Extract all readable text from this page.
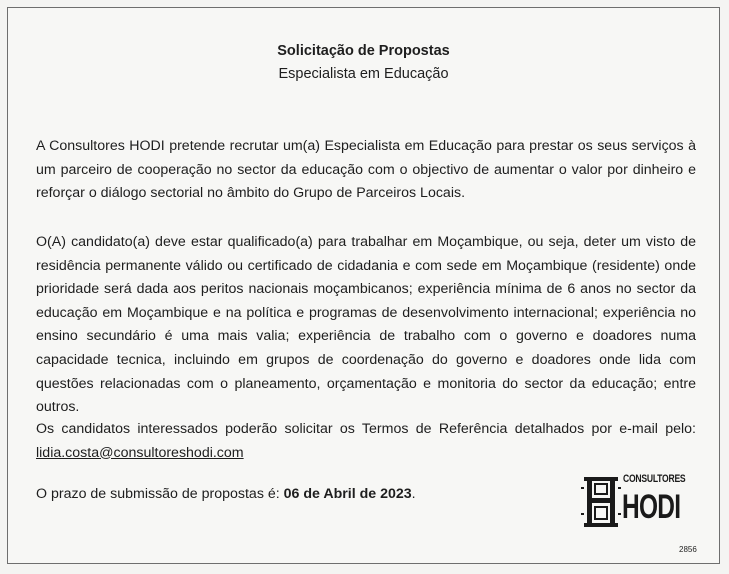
Solicitação de Propostas
Especialista em Educação

A Consultores HODI pretende recrutar um(a) Especialista em Educação para prestar os seus serviços à um parceiro de cooperação no sector da educação com o objectivo de aumentar o valor por dinheiro e reforçar o diálogo sectorial no âmbito do Grupo de Parceiros Locais.

O(A) candidato(a) deve estar qualificado(a) para trabalhar em Moçambique, ou seja, deter um visto de residência permanente válido ou certificado de cidadania e com sede em Moçambique (residente) onde prioridade será dada aos peritos nacionais moçambicanos; experiência mínima de 6 anos no sector da educação em Moçambique e na política e programas de desenvolvimento internacional; experiência no ensino secundário é uma mais valia; experiência de trabalho com o governo e doadores numa capacidade tecnica, incluindo em grupos de coordenação do governo e doadores onde lida com questões relacionadas com o planeamento, orçamentação e monitoria do sector da educação; entre outros.

Os candidatos interessados poderão solicitar os Termos de Referência detalhados por e-mail pelo: lidia.costa@consultoreshodi.com

O prazo de submissão de propostas é: 06 de Abril de 2023.
CONSULTORES
HODI
2856
